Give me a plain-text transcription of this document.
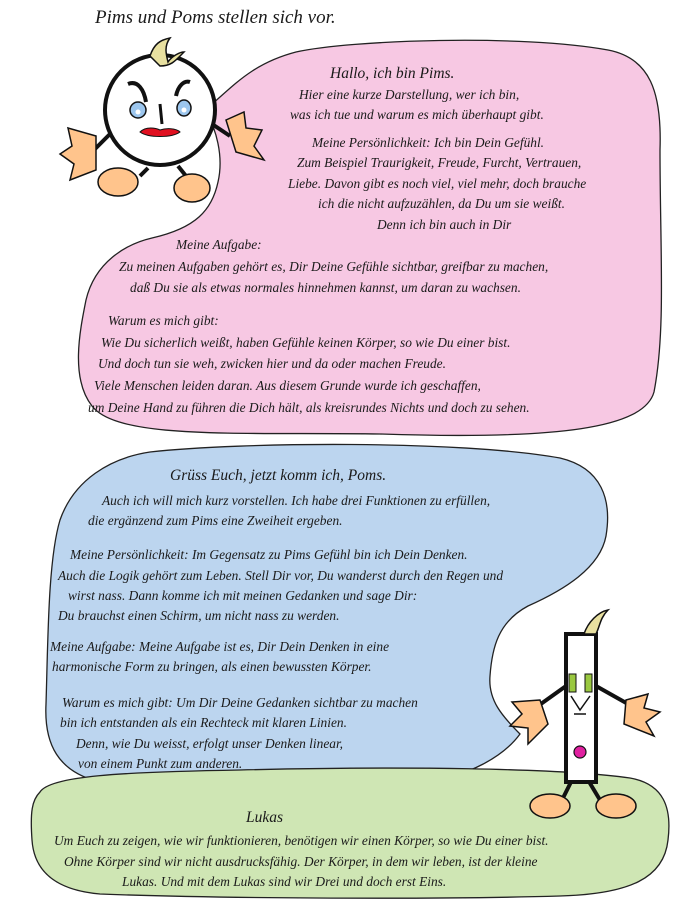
Pims und Poms stellen sich vor.
Hallo, ich bin Pims.
Hier eine kurze Darstellung, wer ich bin,
was ich tue und warum es mich überhaupt gibt.
Meine Persönlichkeit: Ich bin Dein Gefühl.
Zum Beispiel Traurigkeit, Freude, Furcht, Vertrauen,
Liebe. Davon gibt es noch viel, viel mehr, doch brauche
ich die nicht aufzuzählen, da Du um sie weißt.
Denn ich bin auch in Dir
Meine Aufgabe:
Zu meinen Aufgaben gehört es, Dir Deine Gefühle sichtbar, greifbar zu machen,
daß Du sie als etwas normales hinnehmen kannst, um daran zu wachsen.
Warum es mich gibt:
Wie Du sicherlich weißt, haben Gefühle keinen Körper, so wie Du einer bist.
Und doch tun sie weh, zwicken hier und da oder machen Freude.
Viele Menschen leiden daran. Aus diesem Grunde wurde ich geschaffen,
um Deine Hand zu führen die Dich hält, als kreisrundes Nichts und doch zu sehen.
Grüss Euch, jetzt komm ich, Poms.
Auch ich will mich kurz vorstellen. Ich habe drei Funktionen zu erfüllen,
die ergänzend zum Pims eine Zweiheit ergeben.
Meine Persönlichkeit: Im Gegensatz zu Pims Gefühl bin ich Dein Denken.
Auch die Logik gehört zum Leben. Stell Dir vor, Du wanderst durch den Regen und
wirst nass. Dann komme ich mit meinen Gedanken und sage Dir:
Du brauchst einen Schirm, um nicht nass zu werden.
Meine Aufgabe: Meine Aufgabe ist es, Dir Dein Denken in eine
harmonische Form zu bringen, als einen bewussten Körper.
Warum es mich gibt: Um Dir Deine Gedanken sichtbar zu machen
bin ich entstanden als ein Rechteck mit klaren Linien.
Denn, wie Du weisst, erfolgt unser Denken linear,
von einem Punkt zum anderen.
Lukas
Um Euch zu zeigen, wie wir funktionieren, benötigen wir einen Körper, so wie Du einer bist.
Ohne Körper sind wir nicht ausdrucksfähig. Der Körper, in dem wir leben, ist der kleine
Lukas. Und mit dem Lukas sind wir Drei und doch erst Eins.
